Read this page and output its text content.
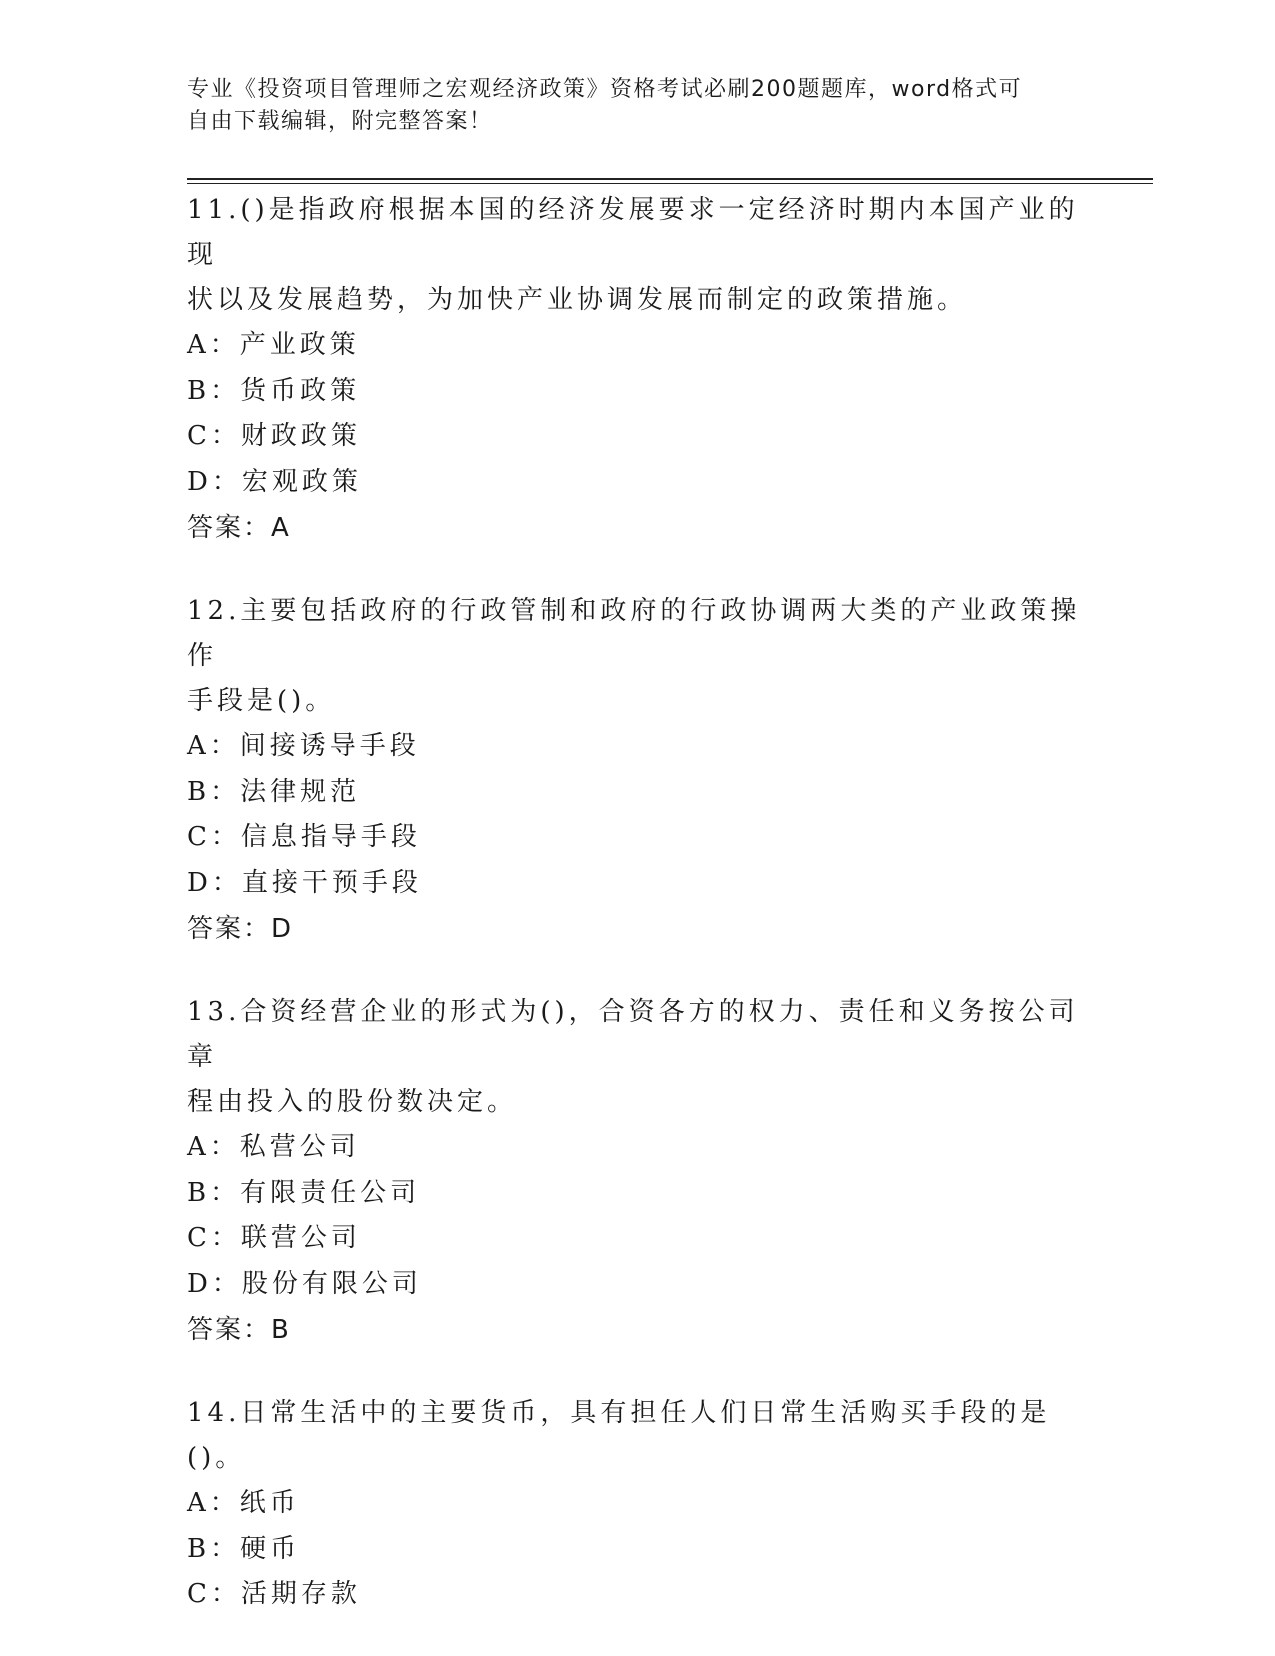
专业《投资项目管理师之宏观经济政策》资格考试必刷200题题库，word格式可
自由下载编辑，附完整答案！

11.()是指政府根据本国的经济发展要求一定经济时期内本国产业的现
状以及发展趋势，为加快产业协调发展而制定的政策措施。

A：产业政策
B：货币政策
C：财政政策
D：宏观政策
答案：A

12.主要包括政府的行政管制和政府的行政协调两大类的产业政策操作
手段是()。

A：间接诱导手段
B：法律规范
C：信息指导手段
D：直接干预手段
答案：D

13.合资经营企业的形式为()，合资各方的权力、责任和义务按公司章
程由投入的股份数决定。

A：私营公司
B：有限责任公司
C：联营公司
D：股份有限公司
答案：B

14.日常生活中的主要货币，具有担任人们日常生活购买手段的是()。

A：纸币
B：硬币
C：活期存款
